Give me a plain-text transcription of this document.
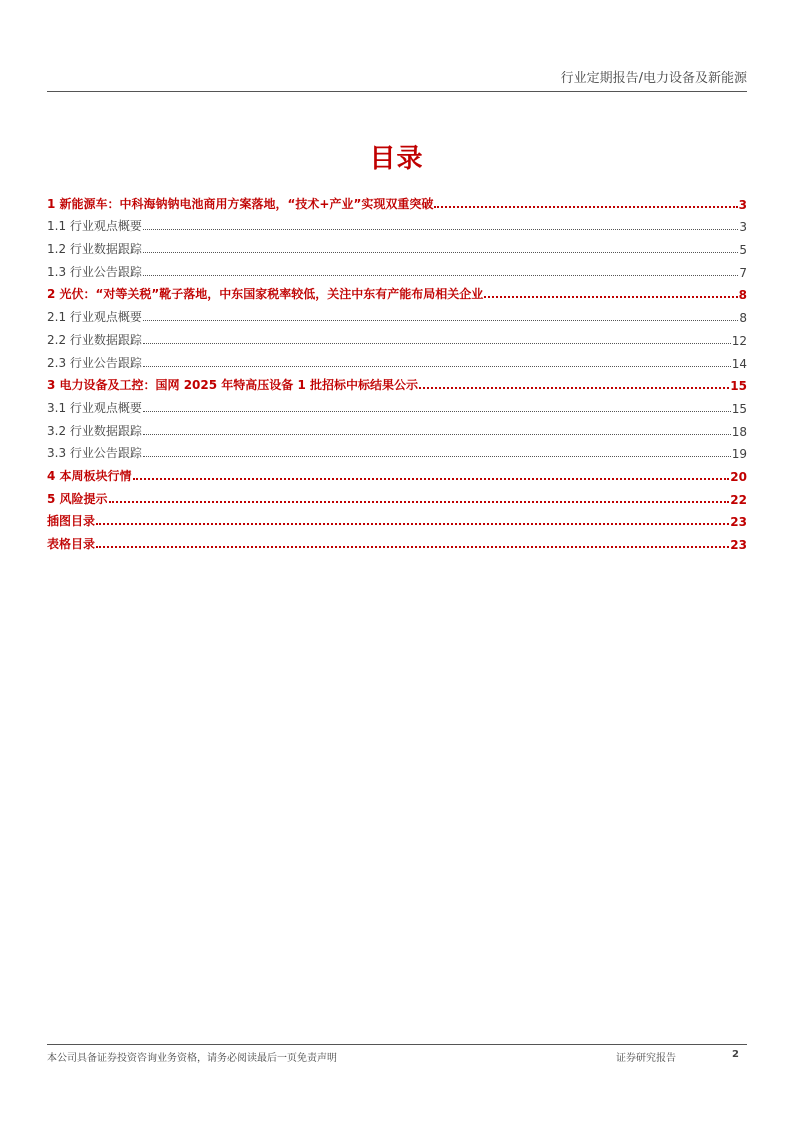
行业定期报告/电力设备及新能源
目录
1 新能源车：中科海钠钠电池商用方案落地，“技术+产业”实现双重突破	3
1.1 行业观点概要	3
1.2 行业数据跟踪	5
1.3 行业公告跟踪	7
2 光伏：“对等关税”靴子落地，中东国家税率较低，关注中东有产能布局相关企业	8
2.1 行业观点概要	8
2.2 行业数据跟踪	12
2.3 行业公告跟踪	14
3 电力设备及工控：国网 2025 年特高压设备 1 批招标中标结果公示	15
3.1 行业观点概要	15
3.2 行业数据跟踪	18
3.3 行业公告跟踪	19
4 本周板块行情	20
5 风险提示	22
插图目录	23
表格目录	23
本公司具备证券投资咨询业务资格，请务必阅读最后一页免责声明	证券研究报告	2
